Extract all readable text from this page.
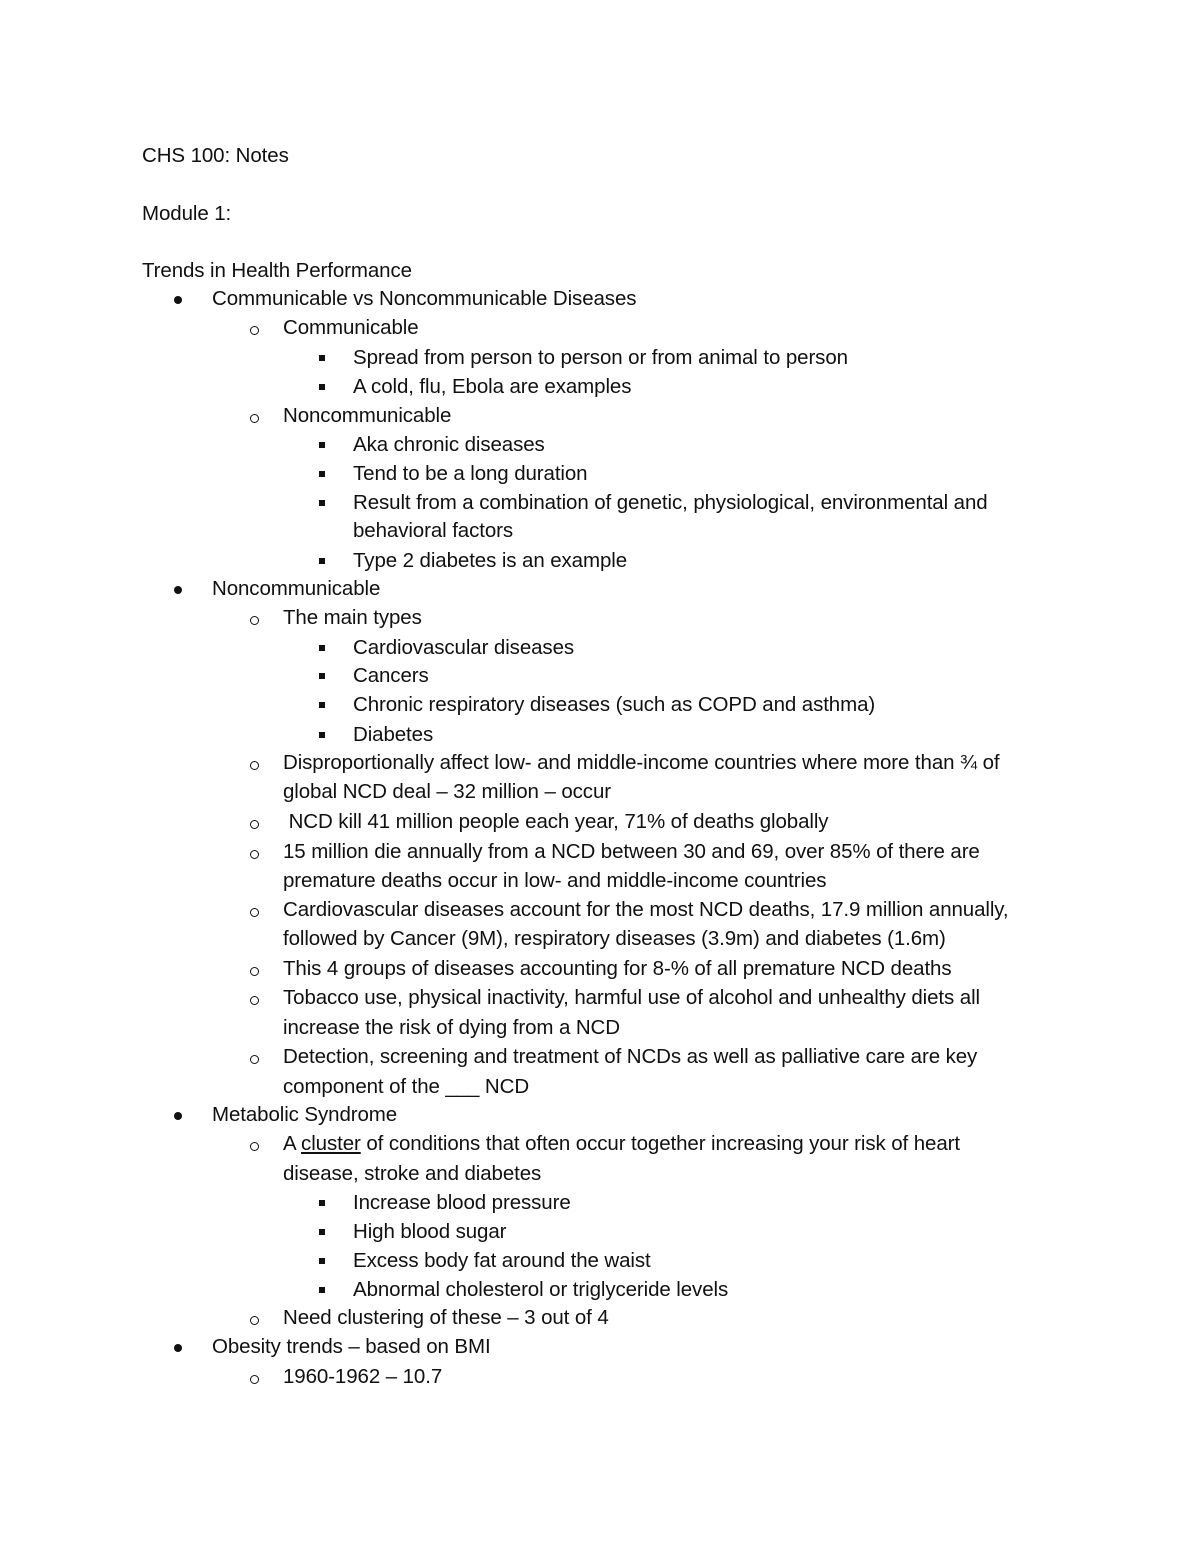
CHS 100: Notes
Module 1:
Trends in Health Performance
Communicable vs Noncommunicable Diseases
Communicable
Spread from person to person or from animal to person
A cold, flu, Ebola are examples
Noncommunicable
Aka chronic diseases
Tend to be a long duration
Result from a combination of genetic, physiological, environmental and
behavioral factors
Type 2 diabetes is an example
Noncommunicable
The main types
Cardiovascular diseases
Cancers
Chronic respiratory diseases (such as COPD and asthma)
Diabetes
Disproportionally affect low- and middle-income countries where more than ¾ of
global NCD deal – 32 million – occur
NCD kill 41 million people each year, 71% of deaths globally
15 million die annually from a NCD between 30 and 69, over 85% of there are
premature deaths occur in low- and middle-income countries
Cardiovascular diseases account for the most NCD deaths, 17.9 million annually,
followed by Cancer (9M), respiratory diseases (3.9m) and diabetes (1.6m)
This 4 groups of diseases accounting for 8-% of all premature NCD deaths
Tobacco use, physical inactivity, harmful use of alcohol and unhealthy diets all
increase the risk of dying from a NCD
Detection, screening and treatment of NCDs as well as palliative care are key
component of the ___ NCD
Metabolic Syndrome
A cluster of conditions that often occur together increasing your risk of heart
disease, stroke and diabetes
Increase blood pressure
High blood sugar
Excess body fat around the waist
Abnormal cholesterol or triglyceride levels
Need clustering of these – 3 out of 4
Obesity trends – based on BMI
1960-1962 – 10.7
